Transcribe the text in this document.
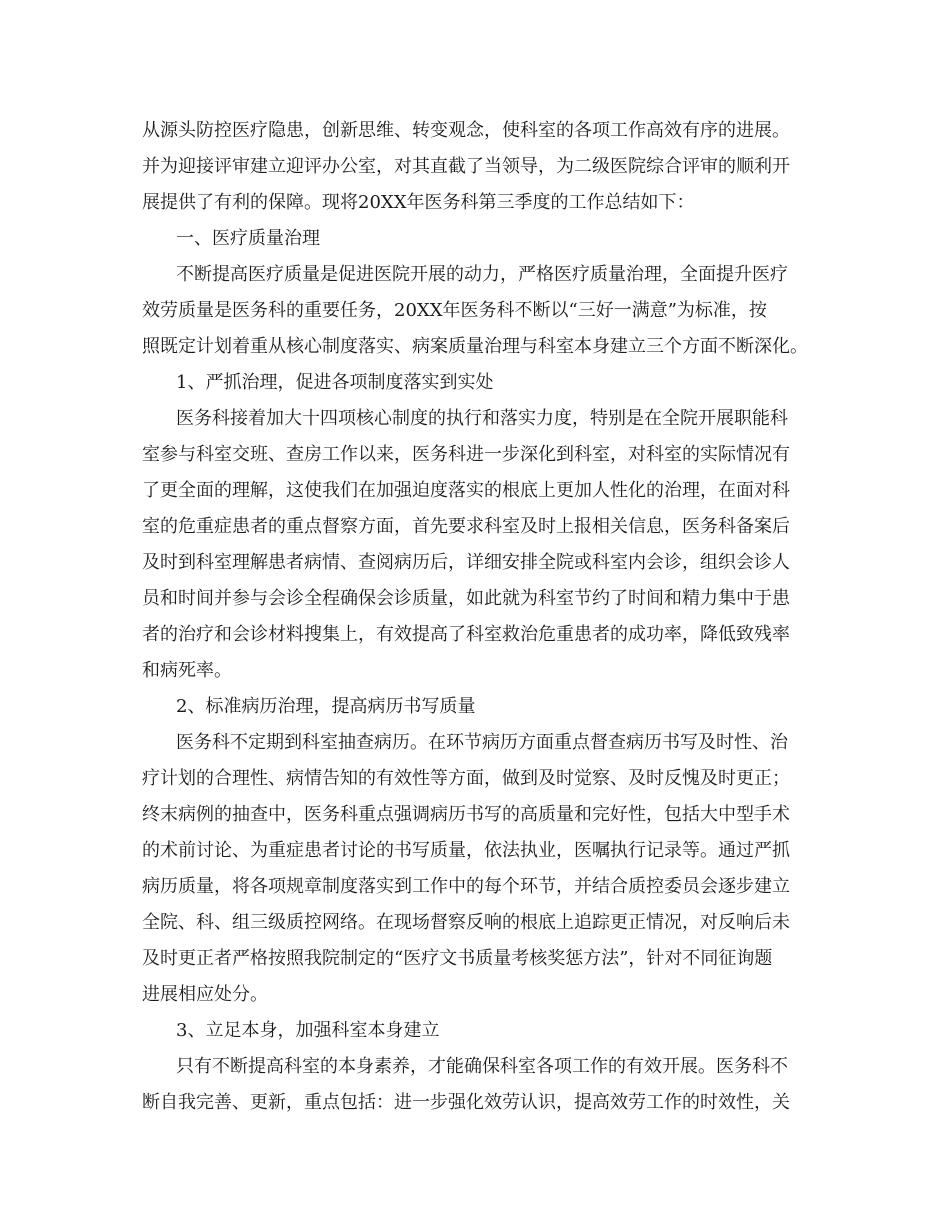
从源头防控医疗隐患，创新思维、转变观念，使科室的各项工作高效有序的进展。
并为迎接评审建立迎评办公室，对其直截了当领导，为二级医院综合评审的顺利开
展提供了有利的保障。现将20XX年医务科第三季度的工作总结如下：
一、医疗质量治理
不断提高医疗质量是促进医院开展的动力，严格医疗质量治理，全面提升医疗
效劳质量是医务科的重要任务，20XX年医务科不断以“三好一满意”为标准，按
照既定计划着重从核心制度落实、病案质量治理与科室本身建立三个方面不断深化。
1、严抓治理，促进各项制度落实到实处
医务科接着加大十四项核心制度的执行和落实力度，特别是在全院开展职能科
室参与科室交班、查房工作以来，医务科进一步深化到科室，对科室的实际情况有
了更全面的理解，这使我们在加强迫度落实的根底上更加人性化的治理，在面对科
室的危重症患者的重点督察方面，首先要求科室及时上报相关信息，医务科备案后
及时到科室理解患者病情、查阅病历后，详细安排全院或科室内会诊，组织会诊人
员和时间并参与会诊全程确保会诊质量，如此就为科室节约了时间和精力集中于患
者的治疗和会诊材料搜集上，有效提高了科室救治危重患者的成功率，降低致残率
和病死率。
2、标准病历治理，提高病历书写质量
医务科不定期到科室抽查病历。在环节病历方面重点督查病历书写及时性、治
疗计划的合理性、病情告知的有效性等方面，做到及时觉察、及时反愧及时更正；
终末病例的抽查中，医务科重点强调病历书写的高质量和完好性，包括大中型手术
的术前讨论、为重症患者讨论的书写质量，依法执业，医嘱执行记录等。通过严抓
病历质量，将各项规章制度落实到工作中的每个环节，并结合质控委员会逐步建立
全院、科、组三级质控网络。在现场督察反响的根底上追踪更正情况，对反响后未
及时更正者严格按照我院制定的“医疗文书质量考核奖惩方法”，针对不同征询题
进展相应处分。
3、立足本身，加强科室本身建立
只有不断提高科室的本身素养，才能确保科室各项工作的有效开展。医务科不
断自我完善、更新，重点包括：进一步强化效劳认识，提高效劳工作的时效性，关
